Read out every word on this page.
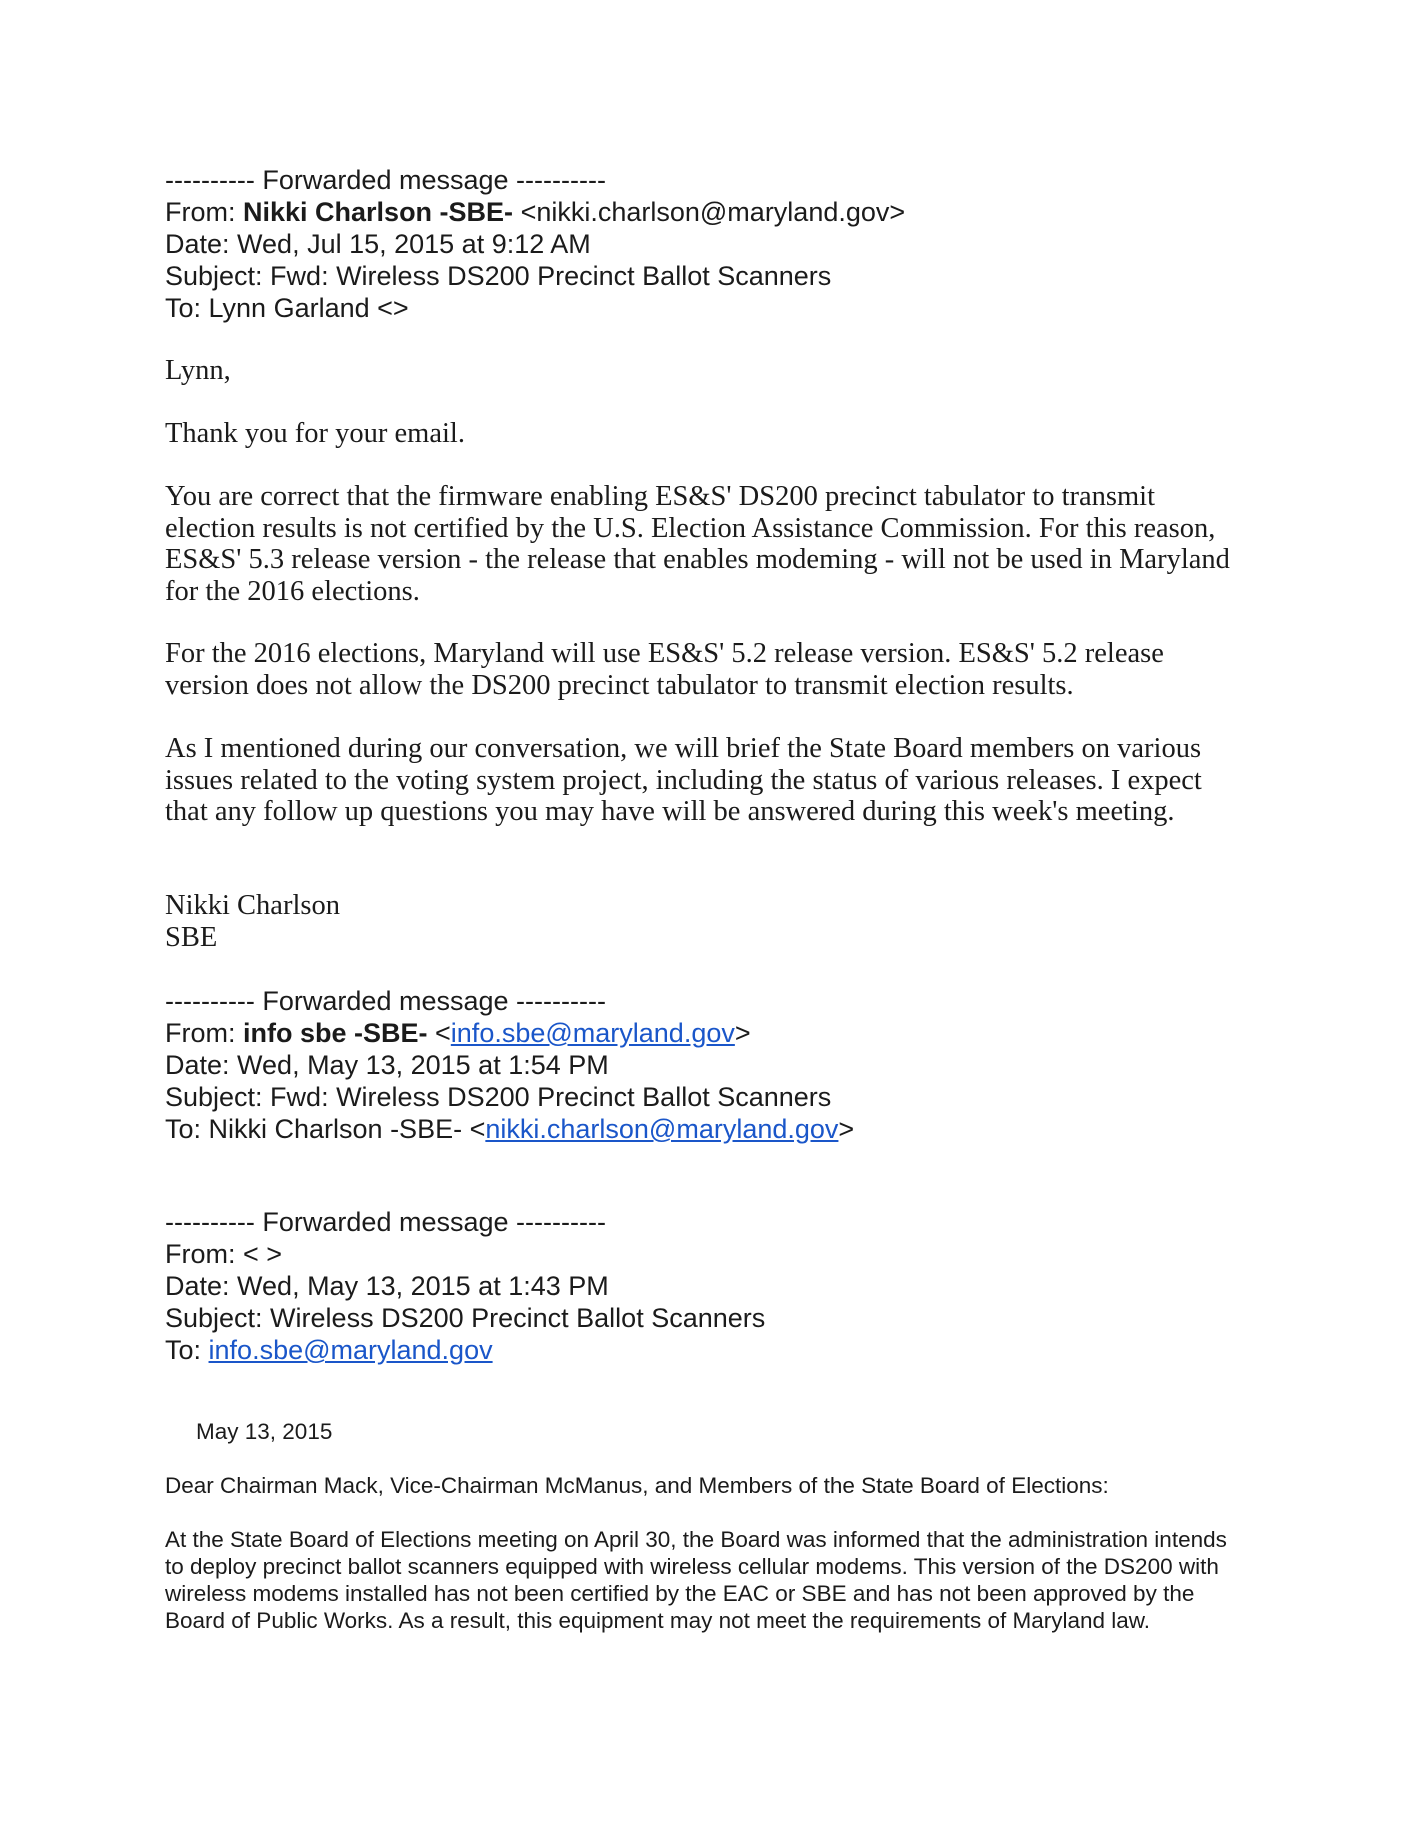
---------- Forwarded message ----------
From: Nikki Charlson -SBE- <nikki.charlson@maryland.gov>
Date: Wed, Jul 15, 2015 at 9:12 AM
Subject: Fwd: Wireless DS200 Precinct Ballot Scanners
To: Lynn Garland <>
Lynn,
Thank you for your email.
You are correct that the firmware enabling ES&S' DS200 precinct tabulator to transmit election results is not certified by the U.S. Election Assistance Commission. For this reason, ES&S' 5.3 release version - the release that enables modeming - will not be used in Maryland for the 2016 elections.
For the 2016 elections, Maryland will use ES&S' 5.2 release version. ES&S' 5.2 release version does not allow the DS200 precinct tabulator to transmit election results.
As I mentioned during our conversation, we will brief the State Board members on various issues related to the voting system project, including the status of various releases. I expect that any follow up questions you may have will be answered during this week's meeting.
Nikki Charlson
SBE
---------- Forwarded message ----------
From: info sbe -SBE- <info.sbe@maryland.gov>
Date: Wed, May 13, 2015 at 1:54 PM
Subject: Fwd: Wireless DS200 Precinct Ballot Scanners
To: Nikki Charlson -SBE- <nikki.charlson@maryland.gov>
---------- Forwarded message ----------
From: < >
Date: Wed, May 13, 2015 at 1:43 PM
Subject: Wireless DS200 Precinct Ballot Scanners
To: info.sbe@maryland.gov
May 13, 2015
Dear Chairman Mack, Vice-Chairman McManus, and Members of the State Board of Elections:
At the State Board of Elections meeting on April 30, the Board was informed that the administration intends to deploy precinct ballot scanners equipped with wireless cellular modems. This version of the DS200 with wireless modems installed has not been certified by the EAC or SBE and has not been approved by the Board of Public Works. As a result, this equipment may not meet the requirements of Maryland law.
